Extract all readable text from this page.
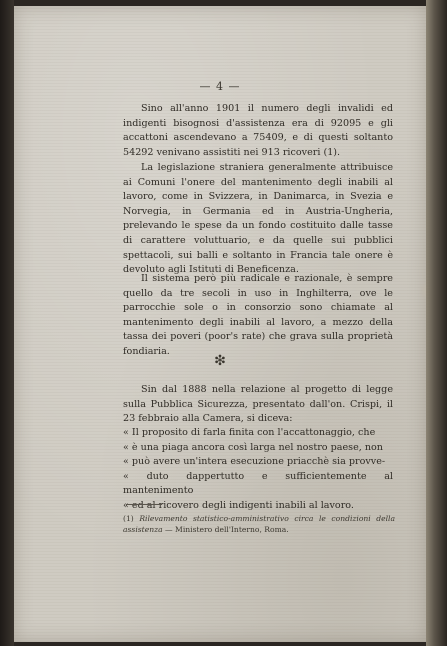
— 4 —

Sino all'anno 1901 il numero degli invalidi ed indigenti bisognosi d'assistenza era di 92095 e gli accattoni ascendevano a 75409, e di questi soltanto 54292 venivano assistiti nei 913 ricoveri (1).

La legislazione straniera generalmente attribuisce ai Comuni l'onere del mantenimento degli inabili al lavoro, come in Svizzera, in Danimarca, in Svezia e Norvegia, in Germania ed in Austria-Ungheria, prelevando le spese da un fondo costituito dalle tasse di carattere voluttuario, e da quelle sui pubblici spettacoli, sui balli e soltanto in Francia tale onere è devoluto agli Istituti di Beneficenza.

Il sistema però più radicale e razionale, è sempre quello da tre secoli in uso in Inghilterra, ove le parrocchie sole o in consorzio sono chiamate al mantenimento degli inabili al lavoro, a mezzo della tassa dei poveri (poor's rate) che grava sulla proprietà fondiaria.

❇

Sin dal 1888 nella relazione al progetto di legge sulla Pubblica Sicurezza, presentato dall'on. Crispi, il 23 febbraio alla Camera, si diceva:

« Il proposito di farla finita con l'accattonaggio, che

« è una piaga ancora così larga nel nostro paese, non

« può avere un'intera esecuzione priacchè sia provve-

« duto dappertutto e sufficientemente al mantenimento

« ed al ricovero degli indigenti inabili al lavoro.

(1) Rilevamento statistico-amministrativo circa le condizioni della assistenza — Ministero dell'Interno, Roma.
